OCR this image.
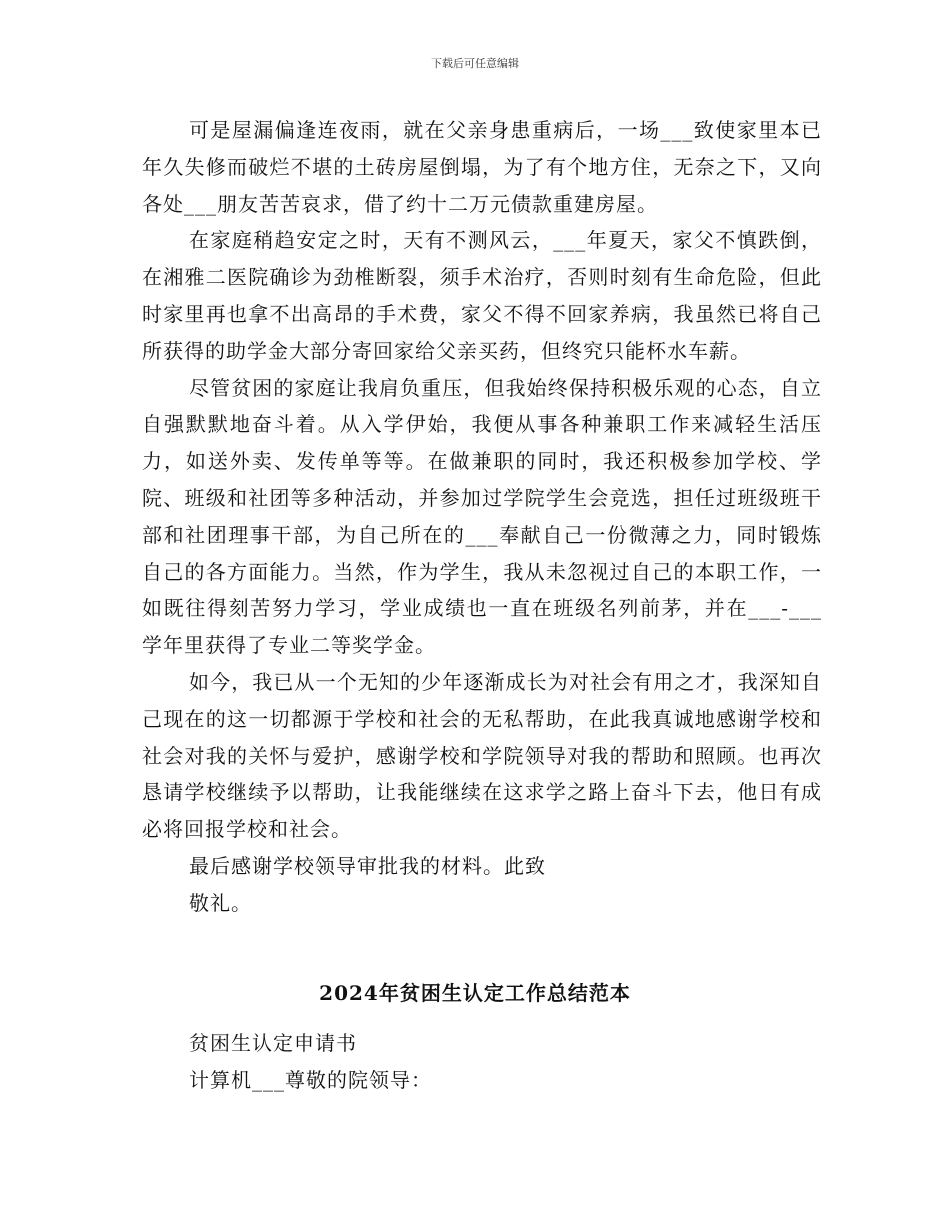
下载后可任意编辑

可是屋漏偏逢连夜雨，就在父亲身患重病后，一场___致使家里本已年久失修而破烂不堪的土砖房屋倒塌，为了有个地方住，无奈之下，又向各处___朋友苦苦哀求，借了约十二万元债款重建房屋。

在家庭稍趋安定之时，天有不测风云，___年夏天，家父不慎跌倒，在湘雅二医院确诊为劲椎断裂，须手术治疗，否则时刻有生命危险，但此时家里再也拿不出高昂的手术费，家父不得不回家养病，我虽然已将自己所获得的助学金大部分寄回家给父亲买药，但终究只能杯水车薪。

尽管贫困的家庭让我肩负重压，但我始终保持积极乐观的心态，自立自强默默地奋斗着。从入学伊始，我便从事各种兼职工作来减轻生活压力，如送外卖、发传单等等。在做兼职的同时，我还积极参加学校、学院、班级和社团等多种活动，并参加过学院学生会竞选，担任过班级班干部和社团理事干部，为自己所在的___奉献自己一份微薄之力，同时锻炼自己的各方面能力。当然，作为学生，我从未忽视过自己的本职工作，一如既往得刻苦努力学习，学业成绩也一直在班级名列前茅，并在___-___学年里获得了专业二等奖学金。

如今，我已从一个无知的少年逐渐成长为对社会有用之才，我深知自己现在的这一切都源于学校和社会的无私帮助，在此我真诚地感谢学校和社会对我的关怀与爱护，感谢学校和学院领导对我的帮助和照顾。也再次恳请学校继续予以帮助，让我能继续在这求学之路上奋斗下去，他日有成必将回报学校和社会。

最后感谢学校领导审批我的材料。此致

敬礼。

2024年贫困生认定工作总结范本

贫困生认定申请书

计算机___尊敬的院领导：
